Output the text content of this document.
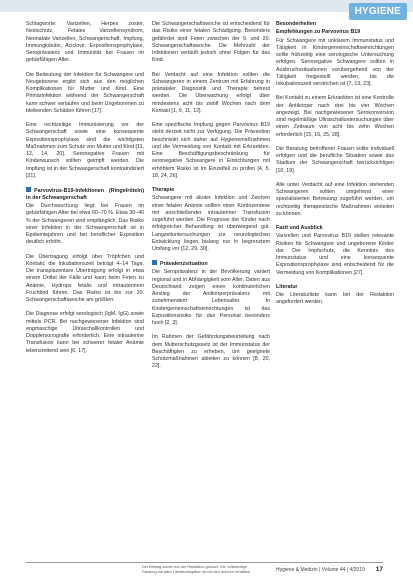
HYGIENE

Schlagworte: Varizellen, Herpes zoster, Nestschutz, Fetales Varizellensyndrom, Neonatale Varizellen, Schwangerschaft, Impfung, Immunglobulin, Aciclovir, Expositionsprophylaxe, Seroprävalenz und Immunität bei Frauen im gebärfähigen Alter.

Die Bedeutung der Infektion für Schwangere und Neugeborene ergibt sich aus den möglichen Komplikationen für Mutter und Kind. Eine Primärinfektion während der Schwangerschaft kann schwer verlaufen und beim Ungeborenen zu bleibenden Schäden führen [17].

Eine rechtzeitige Immunisierung vor der Schwangerschaft sowie eine konsequente Expositionsprophylaxe sind die wichtigsten Maßnahmen zum Schutz von Mutter und Kind [11, 12, 14, 20]. Seronegative Frauen mit Kinderwunsch sollten geimpft werden. Die Impfung ist in der Schwangerschaft kontraindiziert [21].

Parvovirus-B19-Infektionen (Ringelröteln) in der Schwangerschaft

Die Durchseuchung liegt bei Frauen im gebärfähigen Alter bei etwa 60–70 %. Etwa 30–40 % der Schwangeren sind empfänglich. Das Risiko einer Infektion in der Schwangerschaft ist in Epidemiejahren und bei beruflicher Exposition deutlich erhöht.

Die Übertragung erfolgt über Tröpfchen und Kontakt; die Inkubationszeit beträgt 4–14 Tage. Die transplazentare Übertragung erfolgt in etwa einem Drittel der Fälle und kann beim Feten zu Anämie, Hydrops fetalis und intrauterinem Fruchttod führen. Das Risiko ist bis zur 20. Schwangerschaftswoche am größten.

Die Diagnose erfolgt serologisch (IgM, IgG) sowie mittels PCR. Bei nachgewiesener Infektion sind engmaschige Ultraschallkontrollen und Dopplersonografie erforderlich. Eine intrauterine Transfusion kann bei schwerer fetaler Anämie lebensrettend sein [6, 17].

Die Schwangerschaftswoche ist entscheidend für das Risiko einer fetalen Schädigung. Besonders gefährdet sind Feten zwischen der 9. und 20. Schwangerschaftswoche. Die Mehrzahl der Infektionen verläuft jedoch ohne Folgen für das Kind.

Bei Verdacht auf eine Infektion sollten die Schwangeren in einem Zentrum mit Erfahrung in pränataler Diagnostik und Therapie betreut werden. Die Überwachung erfolgt über mindestens acht bis zwölf Wochen nach dem Kontakt [1, 9, 11, 12].

Eine spezifische Impfung gegen Parvovirus B19 steht derzeit nicht zur Verfügung. Die Prävention beschränkt sich daher auf Hygienemaßnahmen und die Vermeidung von Kontakt mit Erkrankten. Eine Beschäftigungsbeschränkung für seronegative Schwangere in Einrichtungen mit erhöhtem Risiko ist im Einzelfall zu prüfen [4, 5, 18, 24, 26].

Therapie

Schwangere mit akuter Infektion und Zeichen einer fetalen Anämie sollten einer Kordozentese mit anschließender intrauteriner Transfusion zugeführt werden. Die Prognose der Kinder nach erfolgreicher Behandlung ist überwiegend gut. Langzeituntersuchungen zur neurologischen Entwicklung liegen bislang nur in begrenztem Umfang vor [12, 29, 30].

Prävalenzsituation

Die Seroprävalenz in der Bevölkerung variiert regional und in Abhängigkeit vom Alter. Daten aus Deutschland zeigen einen kontinuierlichen Anstieg der Antikörperprävalenz mit zunehmendem Lebensalter. In Kindergemeinschaftseinrichtungen ist das Expositionsrisiko für das Personal besonders hoch [2, 3].

Im Rahmen der Gefährdungsbeurteilung nach dem Mutterschutzgesetz ist der Immunstatus der Beschäftigten zu erheben, um geeignete Schutzmaßnahmen ableiten zu können [8, 20, 22].

Besonderheiten
Empfehlungen zu Parvovirus B19

Für Schwangere mit unklarem Immunstatus und Tätigkeit in Kindergemeinschaftseinrichtungen sollte frühzeitig eine serologische Untersuchung erfolgen. Seronegative Schwangere sollten in Ausbruchssituationen vorübergehend von der Tätigkeit freigestellt werden, bis die Inkubationszeit verstrichen ist [7, 13, 23].

Bei Kontakt zu einem Erkrankten ist eine Kontrolle der Antikörper nach drei bis vier Wochen angezeigt. Bei nachgewiesener Serokonversion sind regelmäßige Ultraschalluntersuchungen über einen Zeitraum von acht bis zehn Wochen erforderlich [15, 16, 25, 28].

Die Beratung betroffener Frauen sollte individuell erfolgen und die berufliche Situation sowie das Stadium der Schwangerschaft berücksichtigen [10, 19].

Alle unter Verdacht auf eine Infektion stehenden Schwangeren sollten umgehend einer spezialisierten Betreuung zugeführt werden, um rechtzeitig therapeutische Maßnahmen einleiten zu können.

Fazit und Ausblick

Varizellen und Parvovirus B19 stellen relevante Risiken für Schwangere und ungeborene Kinder dar. Der Impfschutz, die Kenntnis des Immunstatus und eine konsequente Expositionsprophylaxe sind entscheidend für die Vermeidung von Komplikationen [27].

Literatur

Die Literaturliste kann bei der Redaktion angefordert werden.

Der Beitrag wurde von der Redaktion gekürzt. Die vollständige Fassung mit allen Literaturangaben ist bei den Autoren erhältlich.	Hygiene & Medizin | Volume 44 | 4/2019 17
